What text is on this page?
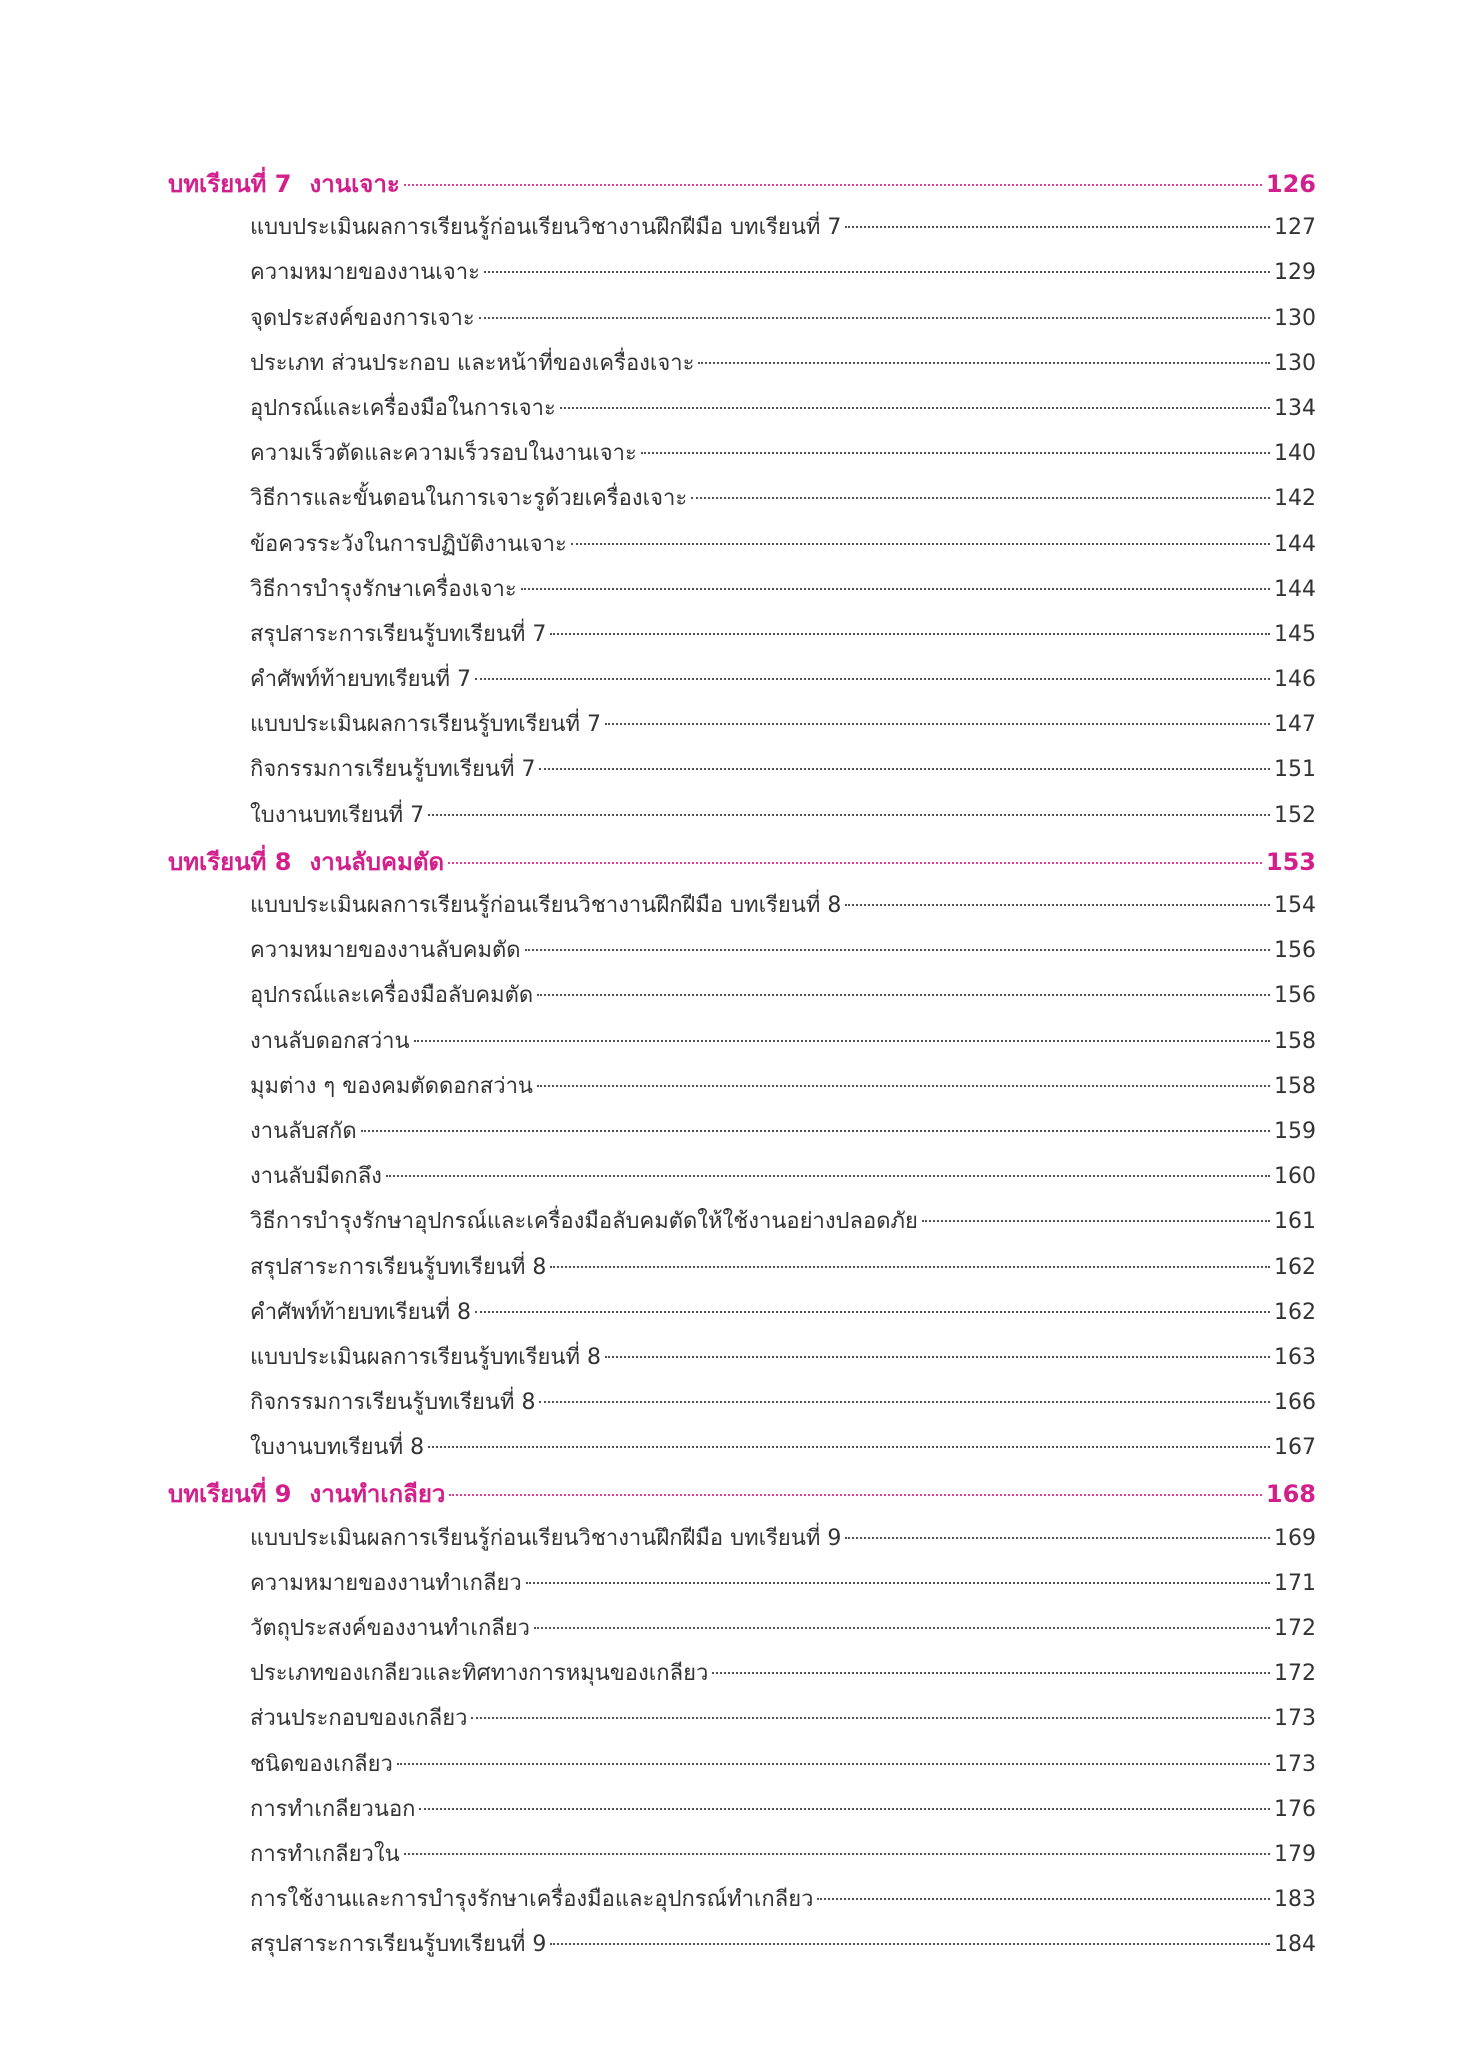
บทเรียนที่ 7 งานเจาะ	126
แบบประเมินผลการเรียนรู้ก่อนเรียนวิชางานฝึกฝีมือ บทเรียนที่ 7	127
ความหมายของงานเจาะ	129
จุดประสงค์ของการเจาะ	130
ประเภท ส่วนประกอบ และหน้าที่ของเครื่องเจาะ	130
อุปกรณ์และเครื่องมือในการเจาะ	134
ความเร็วตัดและความเร็วรอบในงานเจาะ	140
วิธีการและขั้นตอนในการเจาะรูด้วยเครื่องเจาะ	142
ข้อควรระวังในการปฏิบัติงานเจาะ	144
วิธีการบำรุงรักษาเครื่องเจาะ	144
สรุปสาระการเรียนรู้บทเรียนที่ 7	145
คำศัพท์ท้ายบทเรียนที่ 7	146
แบบประเมินผลการเรียนรู้บทเรียนที่ 7	147
กิจกรรมการเรียนรู้บทเรียนที่ 7	151
ใบงานบทเรียนที่ 7	152
บทเรียนที่ 8 งานลับคมตัด	153
แบบประเมินผลการเรียนรู้ก่อนเรียนวิชางานฝึกฝีมือ บทเรียนที่ 8	154
ความหมายของงานลับคมตัด	156
อุปกรณ์และเครื่องมือลับคมตัด	156
งานลับดอกสว่าน	158
มุมต่าง ๆ ของคมตัดดอกสว่าน	158
งานลับสกัด	159
งานลับมีดกลึง	160
วิธีการบำรุงรักษาอุปกรณ์และเครื่องมือลับคมตัดให้ใช้งานอย่างปลอดภัย	161
สรุปสาระการเรียนรู้บทเรียนที่ 8	162
คำศัพท์ท้ายบทเรียนที่ 8	162
แบบประเมินผลการเรียนรู้บทเรียนที่ 8	163
กิจกรรมการเรียนรู้บทเรียนที่ 8	166
ใบงานบทเรียนที่ 8	167
บทเรียนที่ 9 งานทำเกลียว	168
แบบประเมินผลการเรียนรู้ก่อนเรียนวิชางานฝึกฝีมือ บทเรียนที่ 9	169
ความหมายของงานทำเกลียว	171
วัตถุประสงค์ของงานทำเกลียว	172
ประเภทของเกลียวและทิศทางการหมุนของเกลียว	172
ส่วนประกอบของเกลียว	173
ชนิดของเกลียว	173
การทำเกลียวนอก	176
การทำเกลียวใน	179
การใช้งานและการบำรุงรักษาเครื่องมือและอุปกรณ์ทำเกลียว	183
สรุปสาระการเรียนรู้บทเรียนที่ 9	184
